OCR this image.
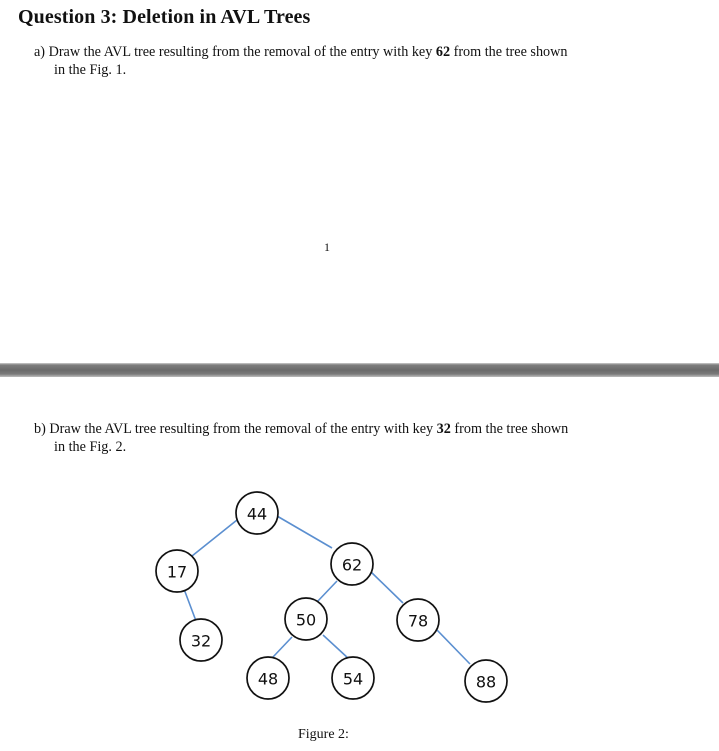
Question 3: Deletion in AVL Trees
a) Draw the AVL tree resulting from the removal of the entry with key 62 from the tree shown
in the Fig. 1.
1
b) Draw the AVL tree resulting from the removal of the entry with key 32 from the tree shown
in the Fig. 2.
44
17	62
32
50	78
48	54	88
Figure 2:
